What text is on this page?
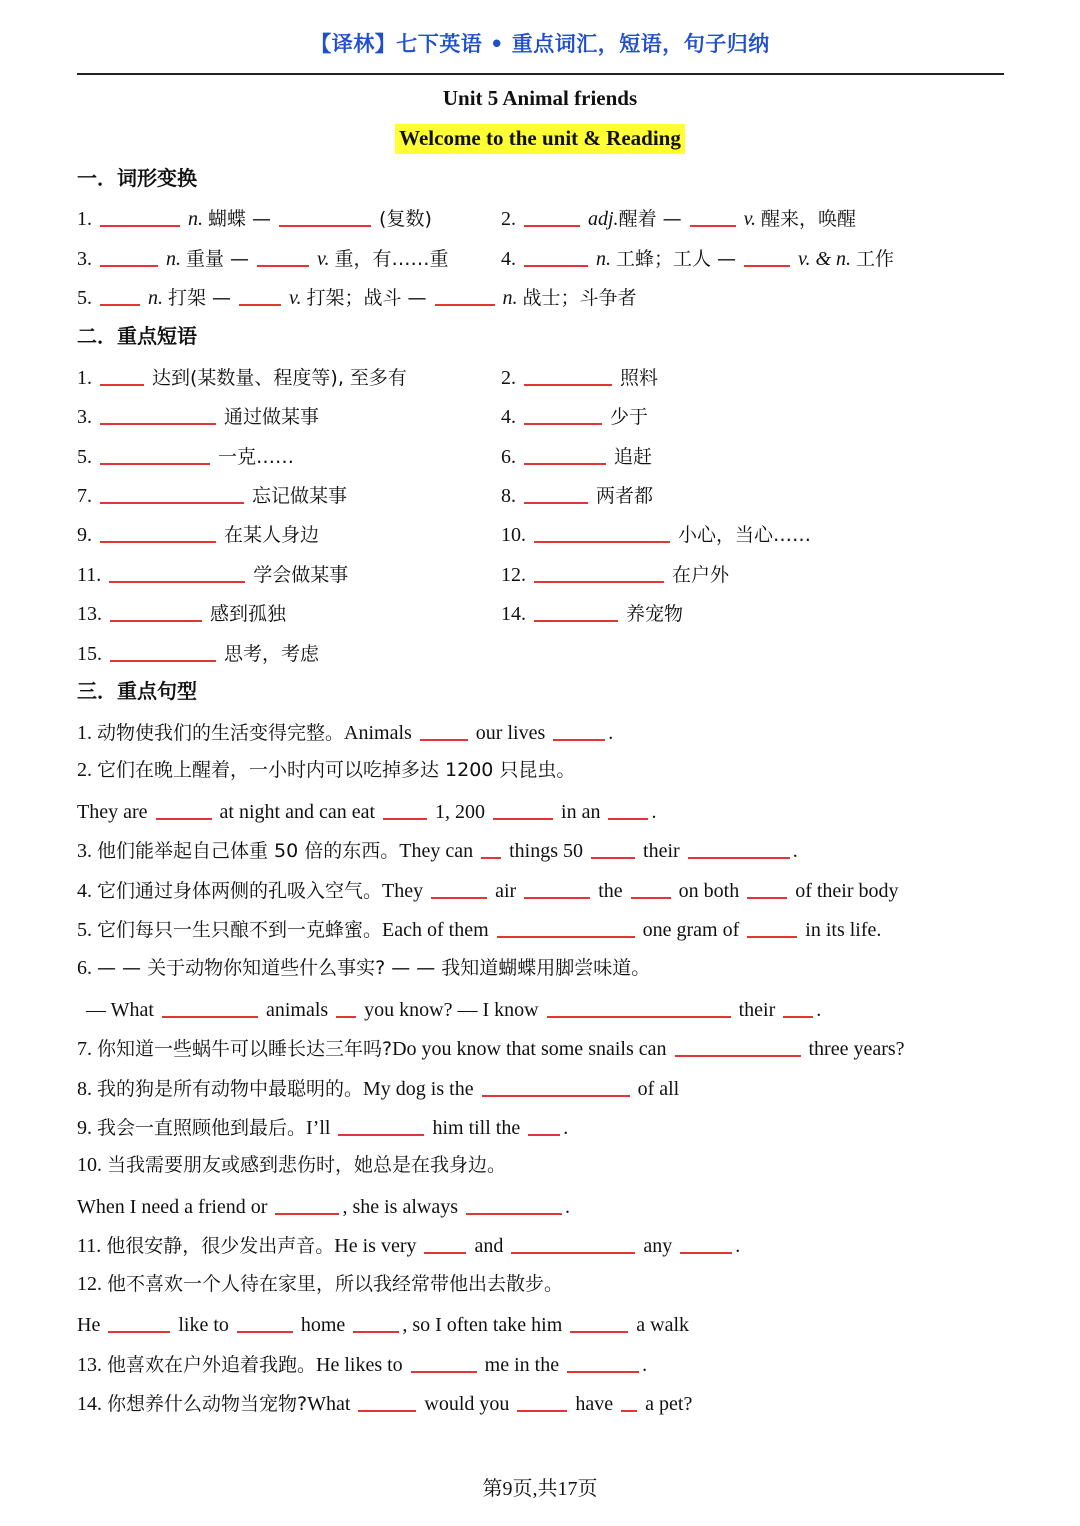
【译林】七下英语 • 重点词汇，短语，句子归纳
Unit 5 Animal friends
Welcome to the unit & Reading
一．词形变换
1.	n. 蝴蝶 —	(复数)	2.	adj.醒着 —	v. 醒来，唤醒
3.	n. 重量 —	v. 重，有……重	4.	n. 工蜂；工人 —	v. & n. 工作
5.	n. 打架 —	v. 打架；战斗 —	n. 战士；斗争者
二．重点短语
1.	达到(某数量、程度等), 至多有	2.	照料
3.	通过做某事	4.	少于
5.	一克……	6.	追赶
7.	忘记做某事	8.	两者都
9.	在某人身边	10.	小心，当心……
11.	学会做某事	12.	在户外
13.	感到孤独	14.	养宠物
15.	思考，考虑
三．重点句型
1. 动物使我们的生活变得完整。Animals	our lives	.
2. 它们在晚上醒着，一小时内可以吃掉多达 1200 只昆虫。
They are	at night and can eat	1, 200	in an	.
3. 他们能举起自己体重 50 倍的东西。They can things 50	their	.
4. 它们通过身体两侧的孔吸入空气。They	air	the	on both	of their body
5. 它们每只一生只酿不到一克蜂蜜。Each of them	one gram of	in its life.
6. — — 关于动物你知道些什么事实? — — 我知道蝴蝶用脚尝味道。
— What	animals you know? — I know	their .
7. 你知道一些蜗牛可以睡长达三年吗?Do you know that some snails can	three years?
8. 我的狗是所有动物中最聪明的。My dog is the	of all
9. 我会一直照顾他到最后。I’ll	him till the .
10. 当我需要朋友或感到悲伤时，她总是在我身边。
When I need a friend or	, she is always	.
11. 他很安静，很少发出声音。He is very	and	any	.
12. 他不喜欢一个人待在家里，所以我经常带他出去散步。
He	like to	home	, so I often take him	a walk
13. 他喜欢在户外追着我跑。He likes to	me in the	.
14. 你想养什么动物当宠物?What	would you	have a pet?
第9页,共17页
